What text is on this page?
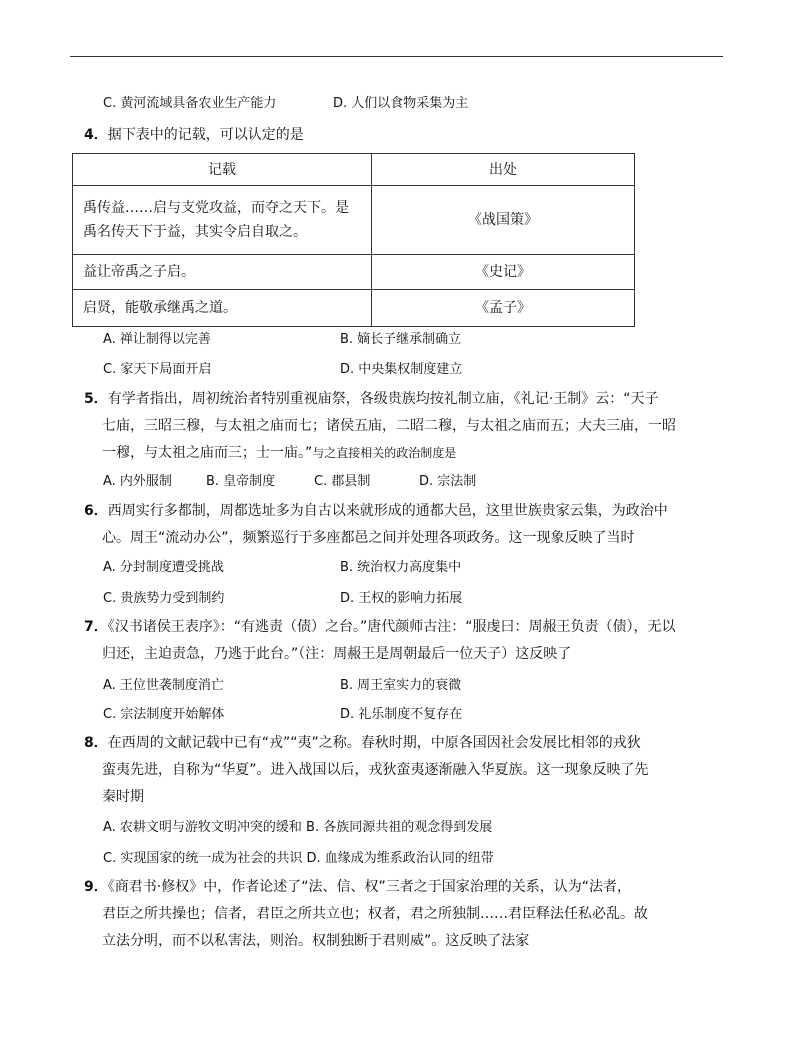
C. 黄河流域具备农业生产能力	D. 人们以食物采集为主
4．据下表中的记载，可以认定的是
记载	出处

禹传益……启与支党攻益，而夺之天下。是
禹名传天下于益，其实令启自取之。	《战国策》
益让帝禹之子启。	《史记》
启贤，能敬承继禹之道。	《孟子》
A. 禅让制得以完善	B. 嫡长子继承制确立
C. 家天下局面开启	D. 中央集权制度建立
5．有学者指出，周初统治者特别重视庙祭，各级贵族均按礼制立庙，《礼记·王制》云：“天子
七庙，三昭三穆，与太祖之庙而七；诸侯五庙，二昭二穆，与太祖之庙而五；大夫三庙，一昭
一穆，与太祖之庙而三；士一庙。”与之直接相关的政治制度是
A. 内外服制	B. 皇帝制度	C. 郡县制	D. 宗法制
6．西周实行多都制，周都选址多为自古以来就形成的通都大邑，这里世族贵家云集，为政治中
心。周王“流动办公”，频繁巡行于多座都邑之间并处理各项政务。这一现象反映了当时
A. 分封制度遭受挑战	B. 统治权力高度集中
C. 贵族势力受到制约	D. 王权的影响力拓展
7．《汉书诸侯王表序》：“有逃责（债）之台。”唐代颜师古注：“服虔曰：周赧王负责（债），无以
归还，主迫责急，乃逃于此台。”（注：周赧王是周朝最后一位天子）这反映了
A. 王位世袭制度消亡	B. 周王室实力的衰微
C. 宗法制度开始解体	D. 礼乐制度不复存在
8．在西周的文献记载中已有“戎”“夷”之称。春秋时期，中原各国因社会发展比相邻的戎狄
蛮夷先进，自称为“华夏”。进入战国以后，戎狄蛮夷逐渐融入华夏族。这一现象反映了先
秦时期
A. 农耕文明与游牧文明冲突的缓和 B. 各族同源共祖的观念得到发展
C. 实现国家的统一成为社会的共识 D. 血缘成为维系政治认同的纽带
9．《商君书·修权》中，作者论述了“法、信、权”三者之于国家治理的关系，认为“法者，
君臣之所共操也；信者，君臣之所共立也；权者，君之所独制……君臣释法任私必乱。故
立法分明，而不以私害法，则治。权制独断于君则威”。这反映了法家
